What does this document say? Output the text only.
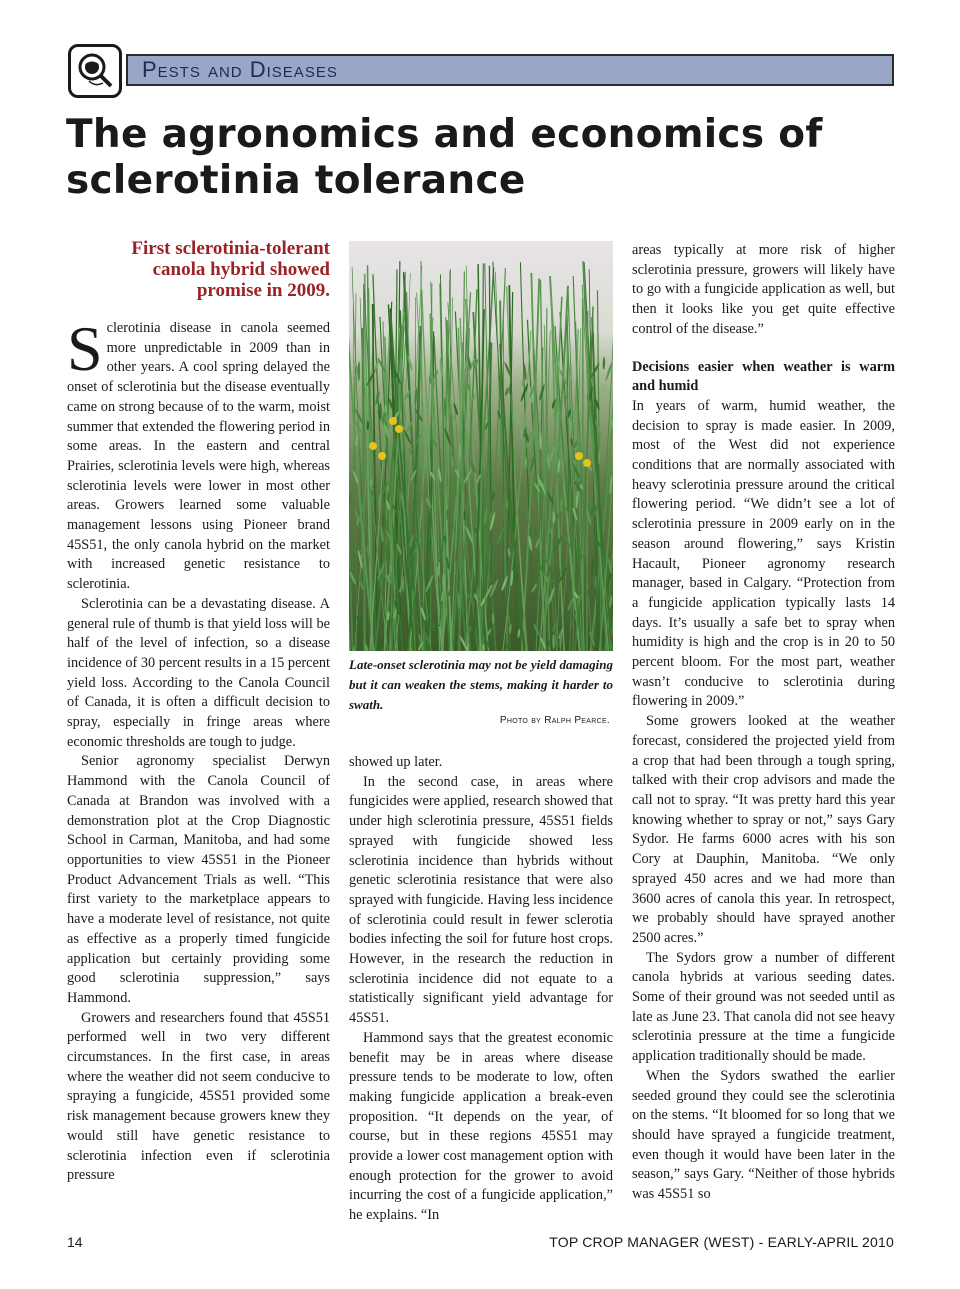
Pests and Diseases
The agronomics and economics of sclerotinia tolerance

First sclerotinia-tolerant canola hybrid showed promise in 2009.

Sclerotinia disease in canola seemed more unpredictable in 2009 than in other years. A cool spring delayed the onset of sclerotinia but the disease eventually came on strong because of to the warm, moist summer that extended the flowering period in some areas. In the eastern and central Prairies, sclerotinia levels were high, whereas sclerotinia levels were lower in most other areas. Growers learned some valuable management lessons using Pioneer brand 45S51, the only canola hybrid on the market with increased genetic resistance to sclerotinia.

Sclerotinia can be a devastating disease. A general rule of thumb is that yield loss will be half of the level of infection, so a disease incidence of 30 percent results in a 15 percent yield loss. According to the Canola Council of Canada, it is often a difficult decision to spray, especially in fringe areas where economic thresholds are tough to judge.

Senior agronomy specialist Derwyn Hammond with the Canola Council of Canada at Brandon was involved with a demonstration plot at the Crop Diagnostic School in Carman, Manitoba, and had some opportunities to view 45S51 in the Pioneer Product Advancement Trials as well. “This first variety to the marketplace appears to have a moderate level of resistance, not quite as effective as a properly timed fungicide application but certainly providing some good sclerotinia suppression,” says Hammond.

Growers and researchers found that 45S51 performed well in two very different circumstances. In the first case, in areas where the weather did not seem conducive to spraying a fungicide, 45S51 provided some risk management because growers knew they would still have genetic resistance to sclerotinia infection even if sclerotinia pressure

Late-onset sclerotinia may not be yield damaging but it can weaken the stems, making it harder to swath.

Photo by Ralph Pearce.

showed up later.

In the second case, in areas where fungicides were applied, research showed that under high sclerotinia pressure, 45S51 fields sprayed with fungicide showed less sclerotinia incidence than hybrids without genetic sclerotinia resistance that were also sprayed with fungicide. Having less incidence of sclerotinia could result in fewer sclerotia bodies infecting the soil for future host crops. However, in the research the reduction in sclerotinia incidence did not equate to a statistically significant yield advantage for 45S51.

Hammond says that the greatest economic benefit may be in areas where disease pressure tends to be moderate to low, often making fungicide application a break-even proposition. “It depends on the year, of course, but in these regions 45S51 may provide a lower cost management option with enough protection for the grower to avoid incurring the cost of a fungicide application,” he explains. “In

areas typically at more risk of higher sclerotinia pressure, growers will likely have to go with a fungicide application as well, but then it looks like you get quite effective control of the disease.”

Decisions easier when weather is warm and humid

In years of warm, humid weather, the decision to spray is made easier. In 2009, most of the West did not experience conditions that are normally associated with heavy sclerotinia pressure around the critical flowering period. “We didn’t see a lot of sclerotinia pressure in 2009 early on in the season around flowering,” says Kristin Hacault, Pioneer agronomy research manager, based in Calgary. “Protection from a fungicide application typically lasts 14 days. It’s usually a safe bet to spray when humidity is high and the crop is in 20 to 50 percent bloom. For the most part, weather wasn’t conducive to sclerotinia during flowering in 2009.”

Some growers looked at the weather forecast, considered the projected yield from a crop that had been through a tough spring, talked with their crop advisors and made the call not to spray. “It was pretty hard this year knowing whether to spray or not,” says Gary Sydor. He farms 6000 acres with his son Cory at Dauphin, Manitoba. “We only sprayed 450 acres and we had more than 3600 acres of canola this year. In retrospect, we probably should have sprayed another 2500 acres.”

The Sydors grow a number of different canola hybrids at various seeding dates. Some of their ground was not seeded until as late as June 23. That canola did not see heavy sclerotinia pressure at the time a fungicide application traditionally should be made.

When the Sydors swathed the earlier seeded ground they could see the sclerotinia on the stems. “It bloomed for so long that we should have sprayed a fungicide treatment, even though it would have been later in the season,” says Gary. “Neither of those hybrids was 45S51 so

14	TOP CROP MANAGER (WEST) - EARLY-APRIL 2010
